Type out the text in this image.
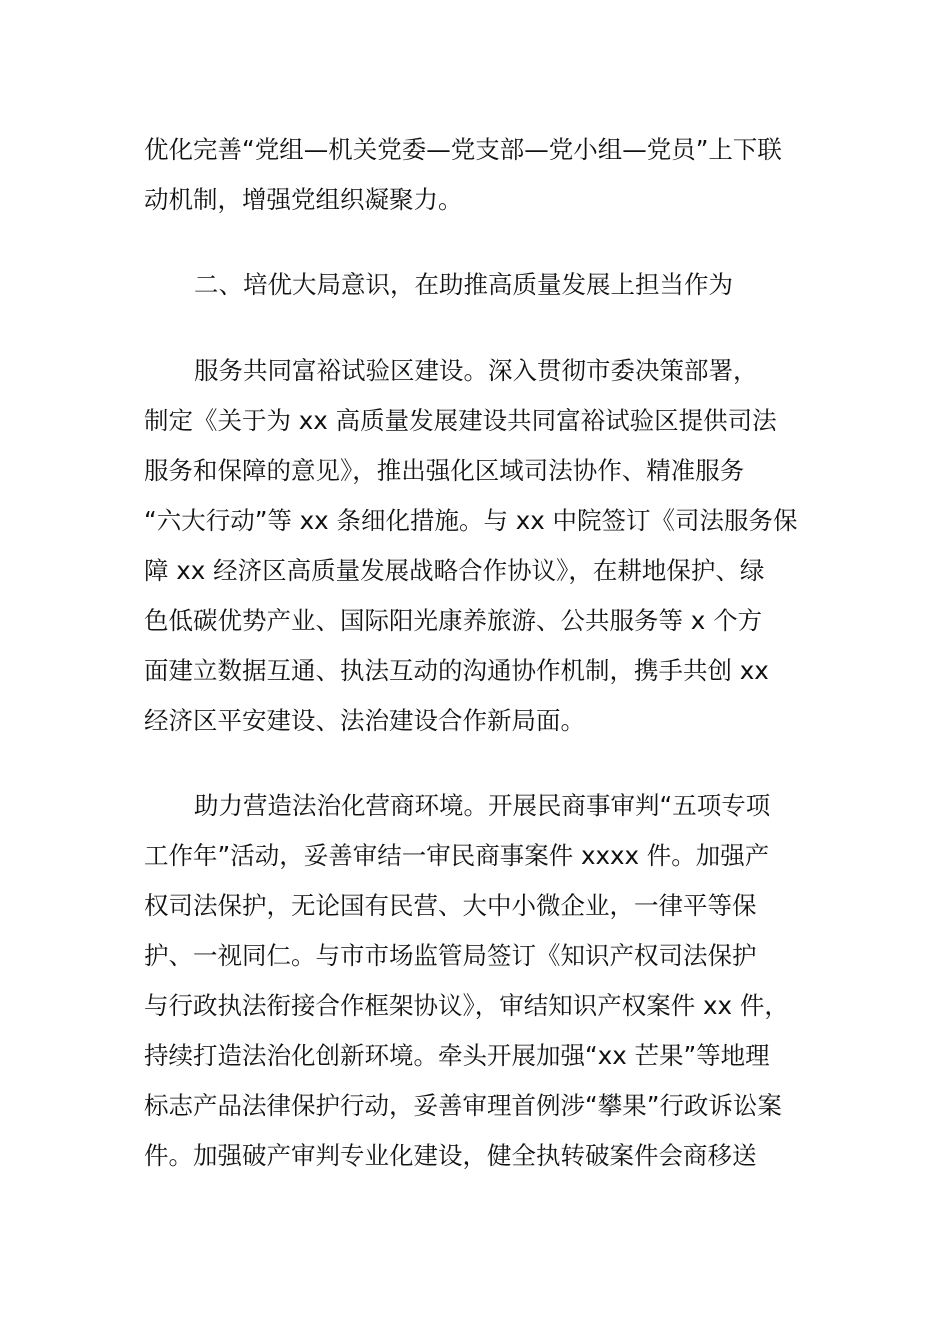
优化完善“党组—机关党委—党支部—党小组—党员”上下联

动机制，增强党组织凝聚力。

二、培优大局意识，在助推高质量发展上担当作为

服务共同富裕试验区建设。深入贯彻市委决策部署，

制定《关于为 xx 高质量发展建设共同富裕试验区提供司法

服务和保障的意见》，推出强化区域司法协作、精准服务

“六大行动”等 xx 条细化措施。与 xx 中院签订《司法服务保

障 xx 经济区高质量发展战略合作协议》，在耕地保护、绿

色低碳优势产业、国际阳光康养旅游、公共服务等 x 个方

面建立数据互通、执法互动的沟通协作机制，携手共创 xx

经济区平安建设、法治建设合作新局面。

助力营造法治化营商环境。开展民商事审判“五项专项

工作年”活动，妥善审结一审民商事案件 xxxx 件。加强产

权司法保护，无论国有民营、大中小微企业，一律平等保

护、一视同仁。与市市场监管局签订《知识产权司法保护

与行政执法衔接合作框架协议》，审结知识产权案件 xx 件，

持续打造法治化创新环境。牵头开展加强“xx 芒果”等地理

标志产品法律保护行动，妥善审理首例涉“攀果”行政诉讼案

件。加强破产审判专业化建设，健全执转破案件会商移送
